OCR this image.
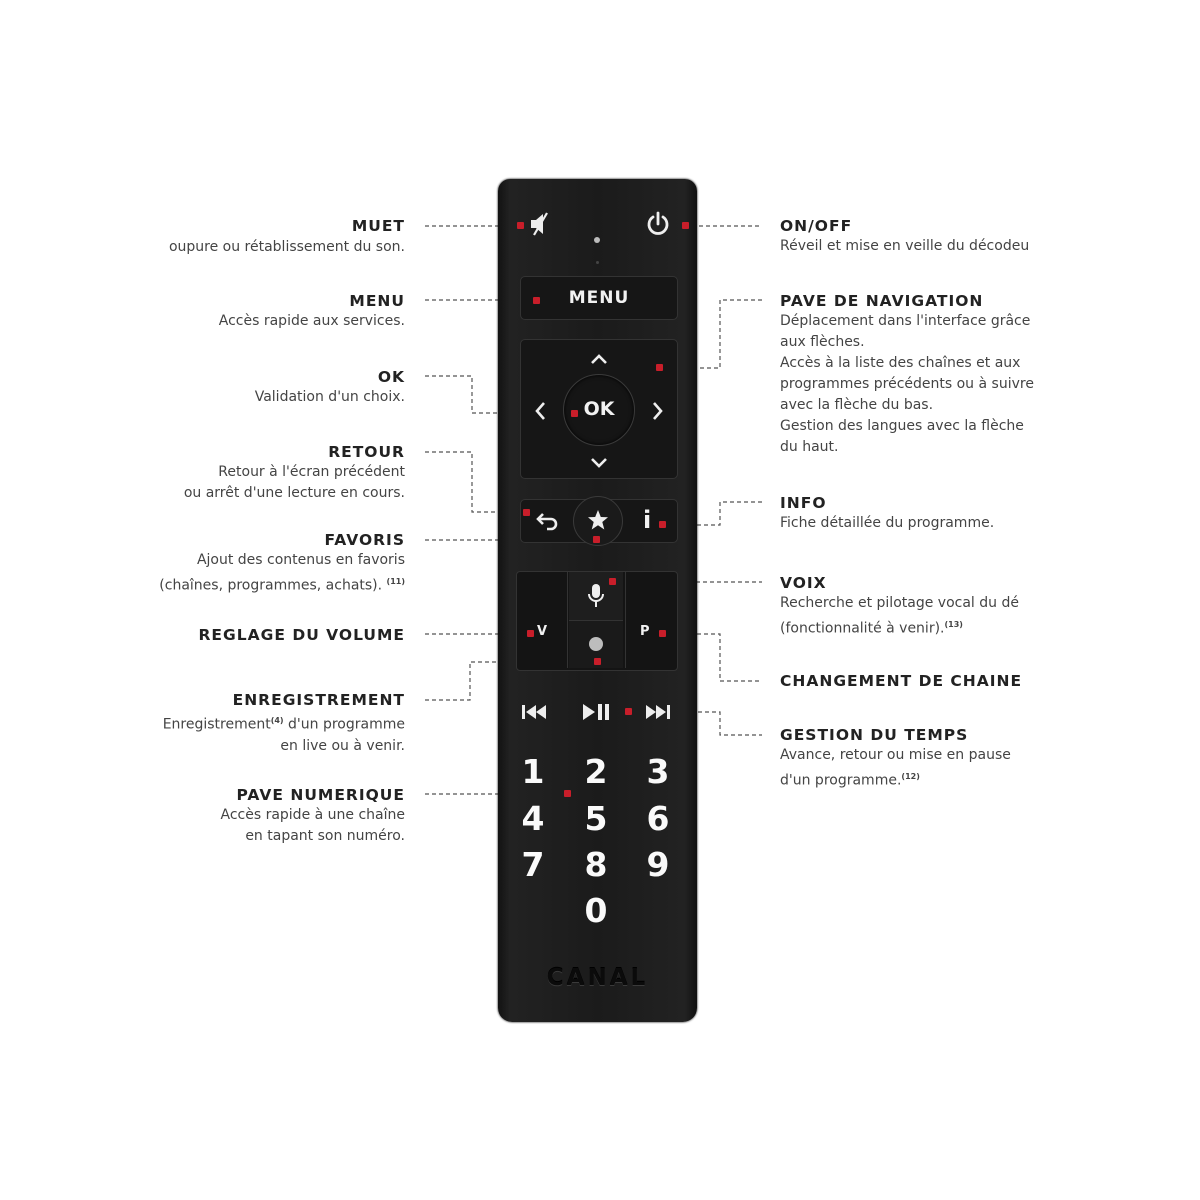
MUET
oupure ou rétablissement du son.
MENU
Accès rapide aux services.
OK
Validation d'un choix.
RETOUR
Retour à l'écran précédent
ou arrêt d'une lecture en cours.
FAVORIS
Ajout des contenus en favoris
(chaînes, programmes, achats). $^{(11)}$
REGLAGE DU VOLUME
ENREGISTREMENT
Enregistrement$^{(4)}$ d'un programme
en live ou à venir.
PAVE NUMERIQUE
Accès rapide à une chaîne
en tapant son numéro.
ON/OFF
Réveil et mise en veille du décodeu
PAVE DE NAVIGATION
Déplacement dans l'interface grâce
aux flèches.
Accès à la liste des chaînes et aux
programmes précédents ou à suivre
avec la flèche du bas.
Gestion des langues avec la flèche
du haut.
INFO
Fiche détaillée du programme.
VOIX
Recherche et pilotage vocal du dé
(fonctionnalité à venir).$^{(13)}$
CHANGEMENT DE CHAINE
GESTION DU TEMPS
Avance, retour ou mise en pause
d'un programme.$^{(12)}$
MENU
OK
i
V	P
1 2 3
4 5 6
7 8 9
0
CANAL
